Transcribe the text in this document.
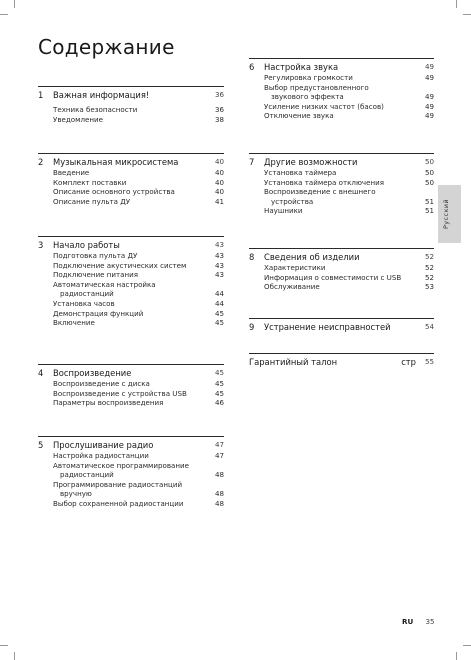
Содержание
1	Важная информация!	36
Техника безопасности	36
Уведомление	38
2	Музыкальная микросистема	40
Введение	40
Комплект поставки	40
Описание основного устройства	40
Описание пульта ДУ	41
3	Начало работы	43
Подготовка пульта ДУ	43
Подключение акустических систем	43
Подключение питания	43
Автоматическая настройка
радиостанций	44
Установка часов	44
Демонстрация функций	45
Включение	45
4	Воспроизведение	45
Воспроизведение с диска	45
Воспроизведение с устройства USB	45
Параметры воспроизведения	46
5	Прослушивание радио	47
Настройка радиостанции	47
Автоматическое программирование
радиостанций	48
Программирование радиостанций
вручную	48
Выбор сохраненной радиостанции	48
6	Настройка звука	49
Регулировка громкости	49
Выбор предустановленного
звукового эффекта	49
Усиление низких частот (басов)	49
Отключение звука	49
7	Другие возможности	50
Установка таймера	50
Установка таймера отключения	50
Воспроизведение с внешнего
устройства	51
Наушники	51
8	Сведения об изделии	52
Характеристики	52
Информация о совместимости с USB	52
Обслуживание	53
9	Устранение неисправностей	54
Гарантийный талон	стр	55
Русский
RU 35
